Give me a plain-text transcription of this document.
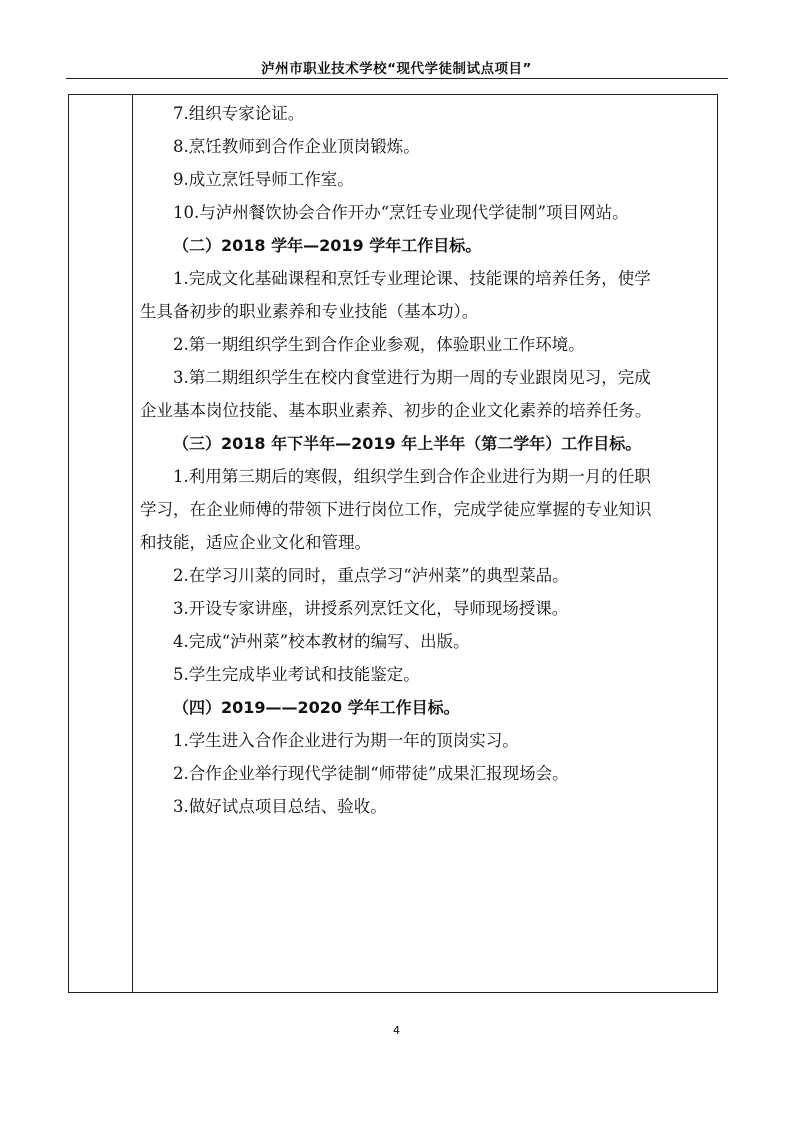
泸州市职业技术学校“现代学徒制试点项目”
7.组织专家论证。
8.烹饪教师到合作企业顶岗锻炼。
9.成立烹饪导师工作室。
10.与泸州餐饮协会合作开办“烹饪专业现代学徒制”项目网站。
（二）2018 学年—2019 学年工作目标。
1.完成文化基础课程和烹饪专业理论课、技能课的培养任务，使学
生具备初步的职业素养和专业技能（基本功）。
2.第一期组织学生到合作企业参观，体验职业工作环境。
3.第二期组织学生在校内食堂进行为期一周的专业跟岗见习，完成
企业基本岗位技能、基本职业素养、初步的企业文化素养的培养任务。
（三）2018 年下半年—2019 年上半年（第二学年）工作目标。
1.利用第三期后的寒假，组织学生到合作企业进行为期一月的任职
学习，在企业师傅的带领下进行岗位工作，完成学徒应掌握的专业知识
和技能，适应企业文化和管理。
2.在学习川菜的同时，重点学习“泸州菜”的典型菜品。
3.开设专家讲座，讲授系列烹饪文化，导师现场授课。
4.完成“泸州菜”校本教材的编写、出版。
5.学生完成毕业考试和技能鉴定。
（四）2019——2020 学年工作目标。
1.学生进入合作企业进行为期一年的顶岗实习。
2.合作企业举行现代学徒制“师带徒”成果汇报现场会。
3.做好试点项目总结、验收。
4
